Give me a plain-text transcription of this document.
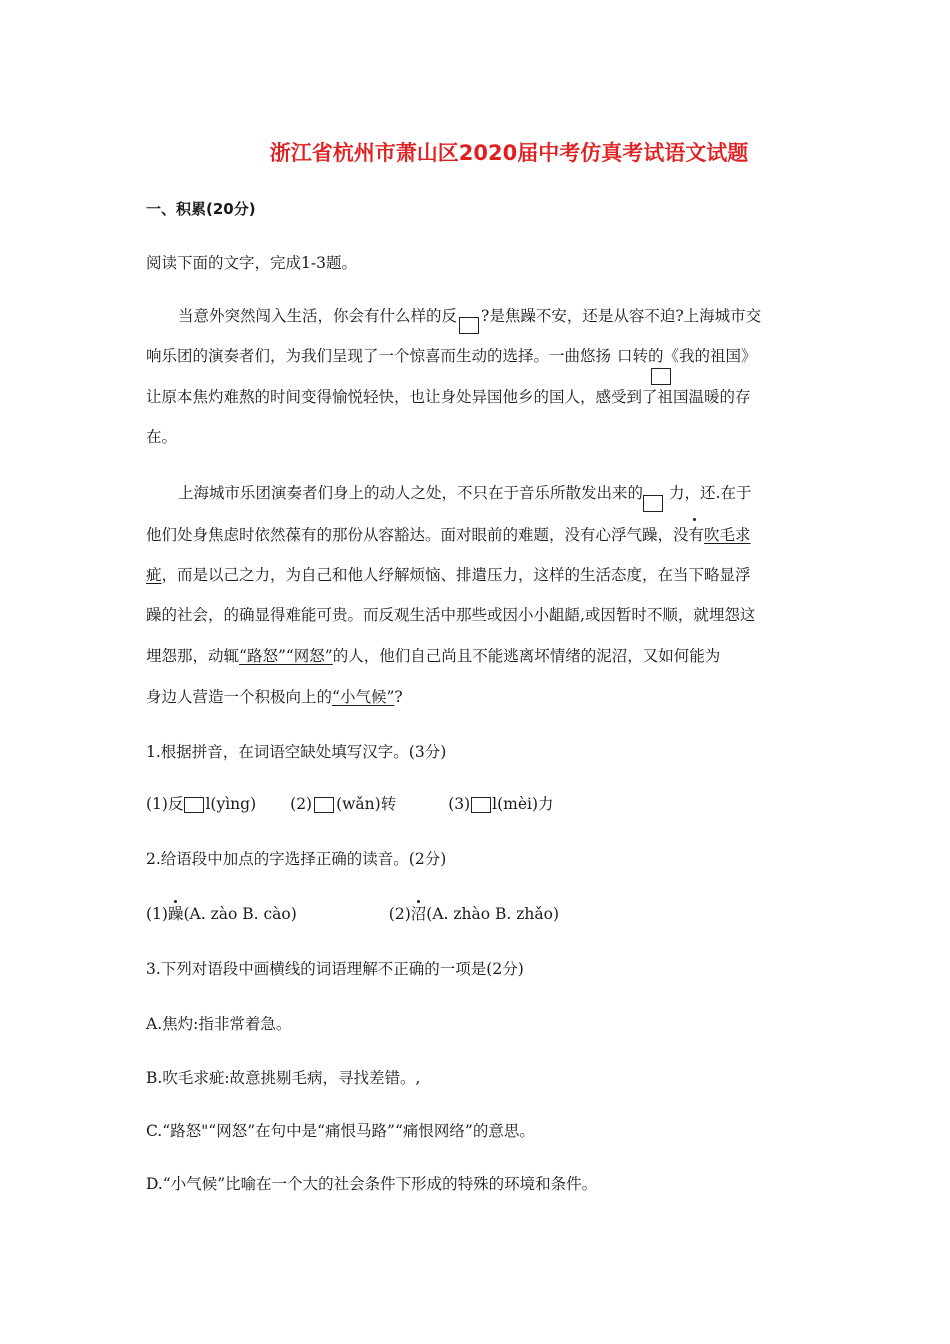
浙江省杭州市萧山区2020届中考仿真考试语文试题
一、积累(20分)
阅读下面的文字，完成1-3题。
当意外突然闯入生活，你会有什么样的反 ?是焦躁不安，还是从容不迫?上海城市交
响乐团的演奏者们，为我们呈现了一个惊喜而生动的选择。一曲悠扬 口转的《我的祖国》
让原本焦灼难熬的时间变得愉悦轻快，也让身处异国他乡的国人，感受到了祖国温暖的存
在。
上海城市乐团演奏者们身上的动人之处，不只在于音乐所散发出来的 力，还.在于
他们处身焦虑时依然葆有的那份从容豁达。面对眼前的难题，没有心浮气躁，没有吹毛求
疵，而是以己之力，为自己和他人纾解烦恼、排遣压力，这样的生活态度，在当下略显浮
躁的社会，的确显得难能可贵。而反观生活中那些或因小小龃龉,或因暂时不顺，就埋怨这
埋怨那，动辄“路怒”“网怒”的人，他们自己尚且不能逃离坏情绪的泥沼，又如何能为
身边人营造一个积极向上的“小气候”?
1.根据拼音，在词语空缺处填写汉字。(3分)
(1)反 l(yìng) (2) (wǎn)转	(3) l(mèi)力
2.给语段中加点的字选择正确的读音。(2分)
(1)躁(A. zào B. cào)	(2)沼(A. zhào B. zhǎo)
3.下列对语段中画横线的词语理解不正确的一项是(2分)
A.焦灼:指非常着急。
B.吹毛求疵:故意挑剔毛病，寻找差错。,
C.“路怒"“网怒”在句中是“痛恨马路”“痛恨网络”的意思。
D.“小气候”比喻在一个大的社会条件下形成的特殊的环境和条件。
